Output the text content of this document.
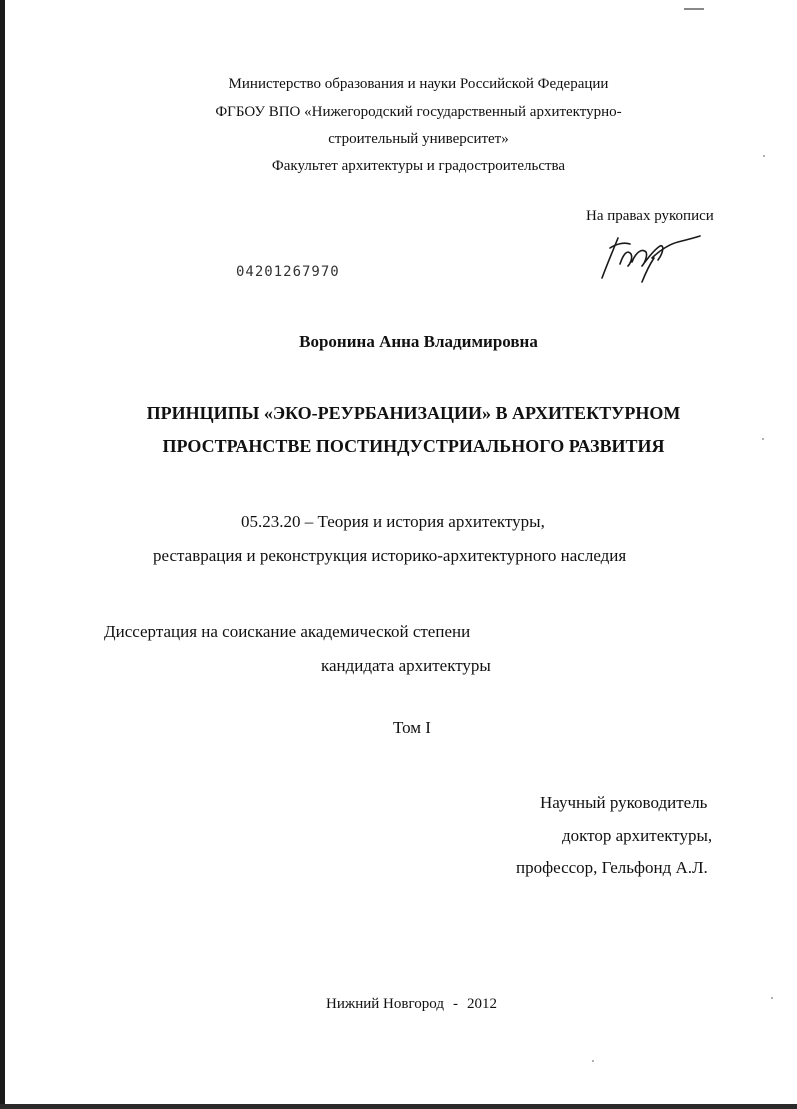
Министерство образования и науки Российской Федерации
ФГБОУ ВПО «Нижегородский государственный архитектурно-
строительный университет»
Факультет архитектуры и градостроительства
На правах рукописи
04201267970
Воронина Анна Владимировна
ПРИНЦИПЫ «ЭКО-РЕУРБАНИЗАЦИИ» В АРХИТЕКТУРНОМ
ПРОСТРАНСТВЕ ПОСТИНДУСТРИАЛЬНОГО РАЗВИТИЯ
05.23.20 – Теория и история архитектуры,
реставрация и реконструкция историко-архитектурного наследия
Диссертация на соискание академической степени
кандидата архитектуры
Том I
Научный руководитель
доктор архитектуры,
профессор, Гельфонд А.Л.
Нижний Новгород - 2012
